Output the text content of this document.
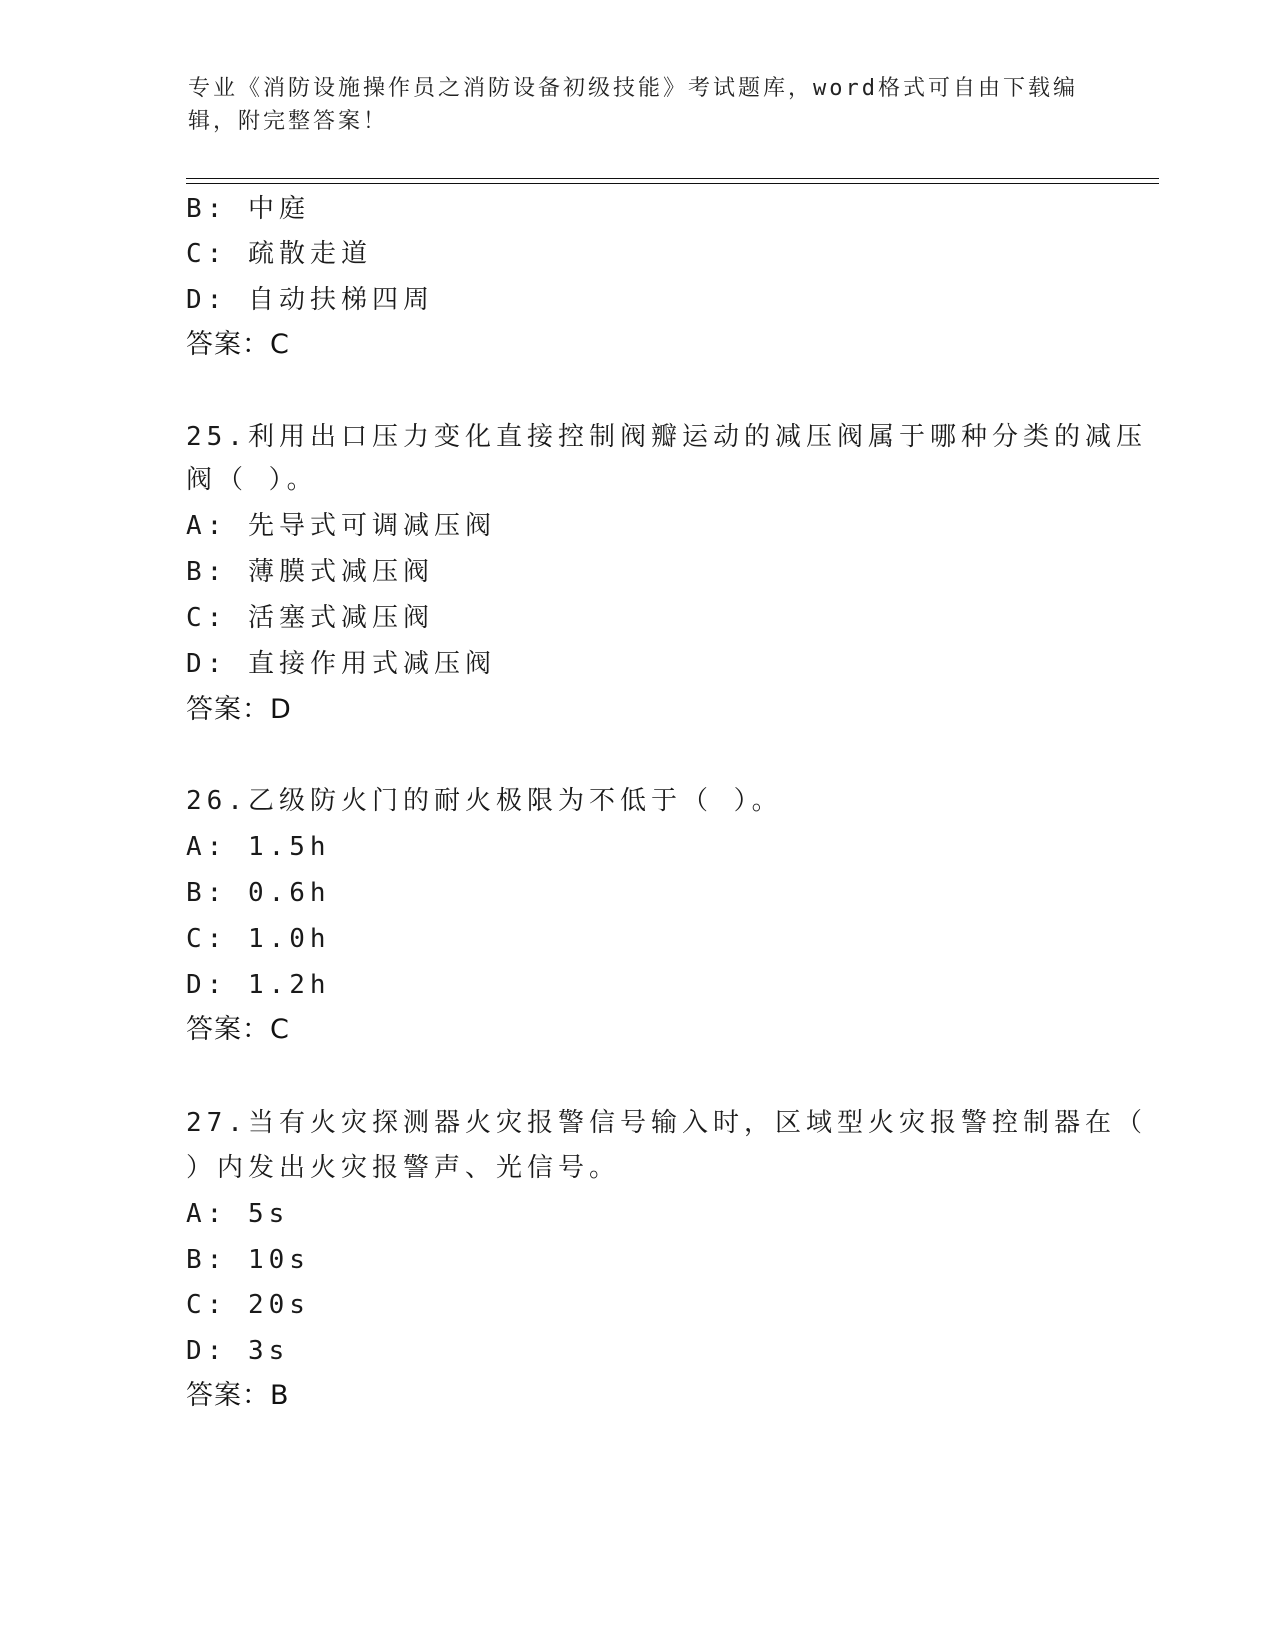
专业《消防设施操作员之消防设备初级技能》考试题库，word格式可自由下载编
辑，附完整答案！
B: 中庭
C: 疏散走道
D: 自动扶梯四周
答案：C
25.利用出口压力变化直接控制阀瓣运动的减压阀属于哪种分类的减压
阀（ ）。
A: 先导式可调减压阀
B: 薄膜式减压阀
C: 活塞式减压阀
D: 直接作用式减压阀
答案：D
26.乙级防火门的耐火极限为不低于（ ）。
A: 1.5h
B: 0.6h
C: 1.0h
D: 1.2h
答案：C
27.当有火灾探测器火灾报警信号输入时，区域型火灾报警控制器在（
）内发出火灾报警声、光信号。
A: 5s
B: 10s
C: 20s
D: 3s
答案：B
